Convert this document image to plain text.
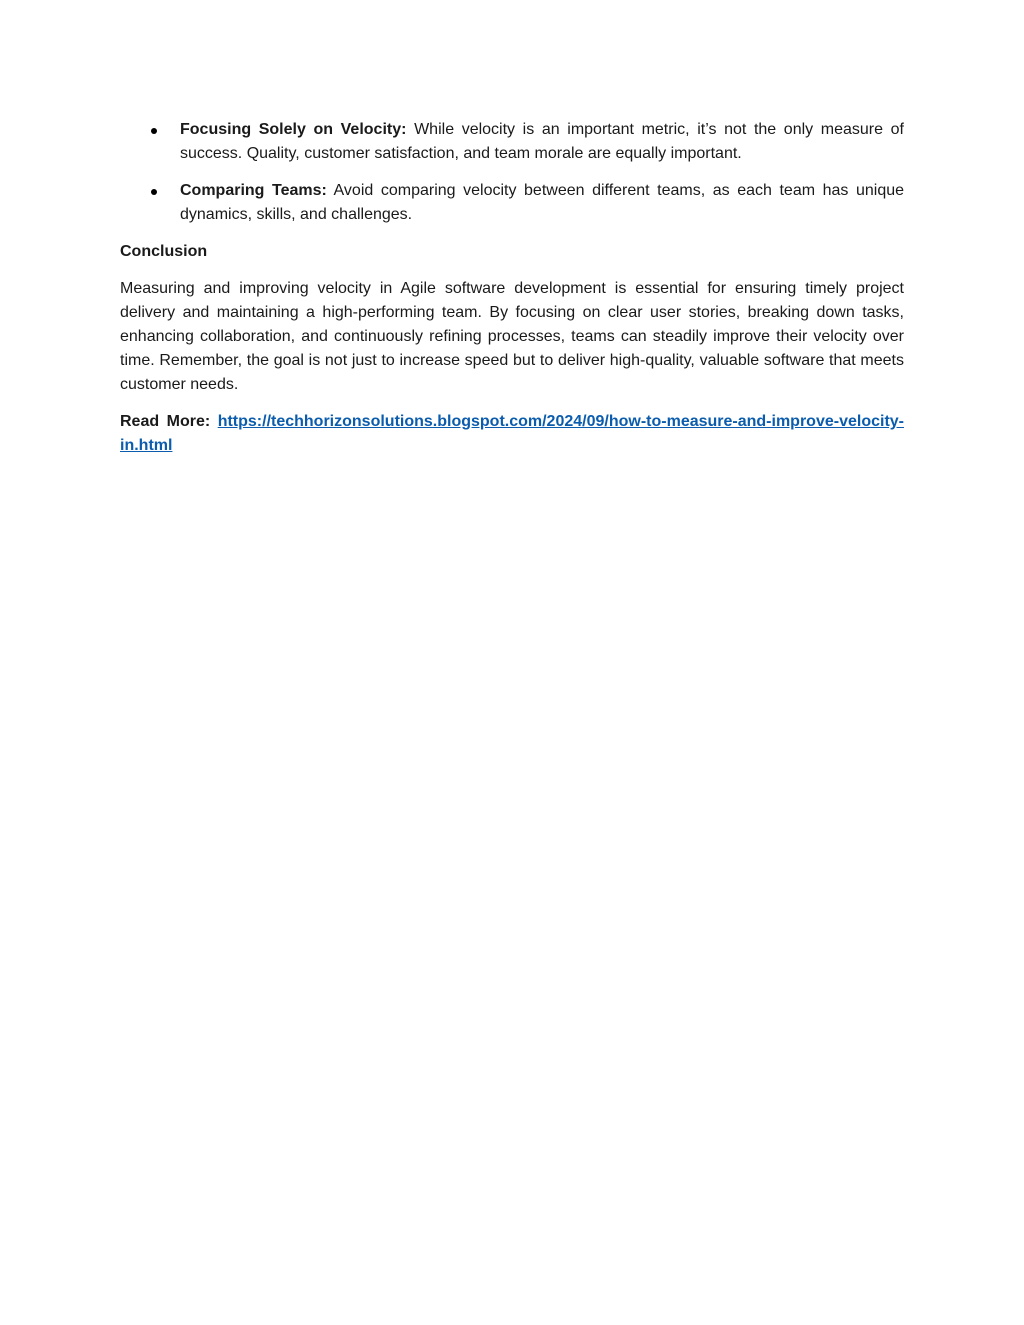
Focusing Solely on Velocity: While velocity is an important metric, it’s not the only measure of success. Quality, customer satisfaction, and team morale are equally important.
Comparing Teams: Avoid comparing velocity between different teams, as each team has unique dynamics, skills, and challenges.

Conclusion

Measuring and improving velocity in Agile software development is essential for ensuring timely project delivery and maintaining a high-performing team. By focusing on clear user stories, breaking down tasks, enhancing collaboration, and continuously refining processes, teams can steadily improve their velocity over time. Remember, the goal is not just to increase speed but to deliver high-quality, valuable software that meets customer needs.

Read More: https://techhorizonsolutions.blogspot.com/2024/09/how-to-measure-and-improve-velocity-in.html
